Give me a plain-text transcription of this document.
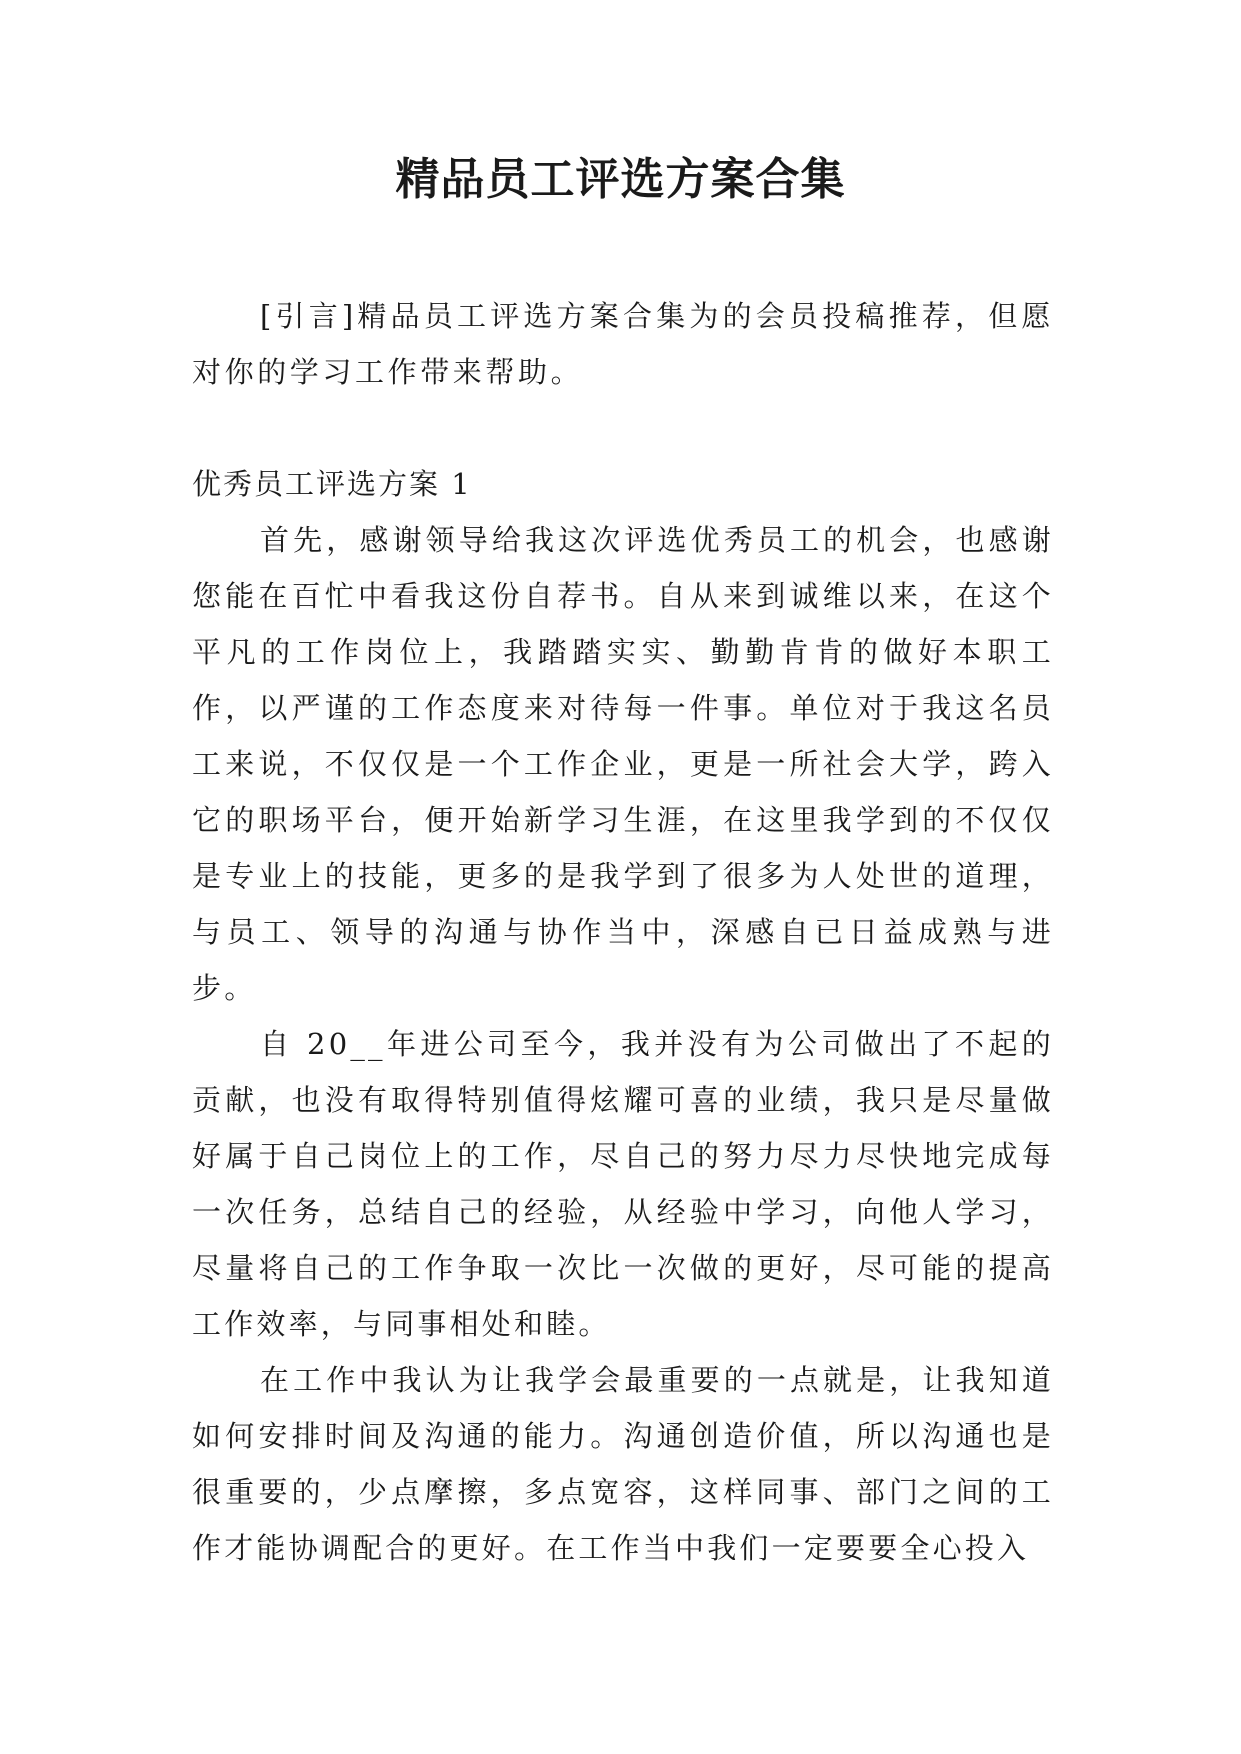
精品员工评选方案合集

[引言]精品员工评选方案合集为的会员投稿推荐，但愿对你的学习工作带来帮助。

优秀员工评选方案 1

首先，感谢领导给我这次评选优秀员工的机会，也感谢您能在百忙中看我这份自荐书。自从来到诚维以来，在这个平凡的工作岗位上，我踏踏实实、勤勤肯肯的做好本职工作，以严谨的工作态度来对待每一件事。单位对于我这名员工来说，不仅仅是一个工作企业，更是一所社会大学，跨入它的职场平台，便开始新学习生涯，在这里我学到的不仅仅是专业上的技能，更多的是我学到了很多为人处世的道理，与员工、领导的沟通与协作当中，深感自已日益成熟与进步。

自 20__年进公司至今，我并没有为公司做出了不起的贡献，也没有取得特别值得炫耀可喜的业绩，我只是尽量做好属于自己岗位上的工作，尽自己的努力尽力尽快地完成每一次任务，总结自己的经验，从经验中学习，向他人学习，尽量将自己的工作争取一次比一次做的更好，尽可能的提高工作效率，与同事相处和睦。

在工作中我认为让我学会最重要的一点就是，让我知道如何安排时间及沟通的能力。沟通创造价值，所以沟通也是很重要的，少点摩擦，多点宽容，这样同事、部门之间的工作才能协调配合的更好。在工作当中我们一定要要全心投入
